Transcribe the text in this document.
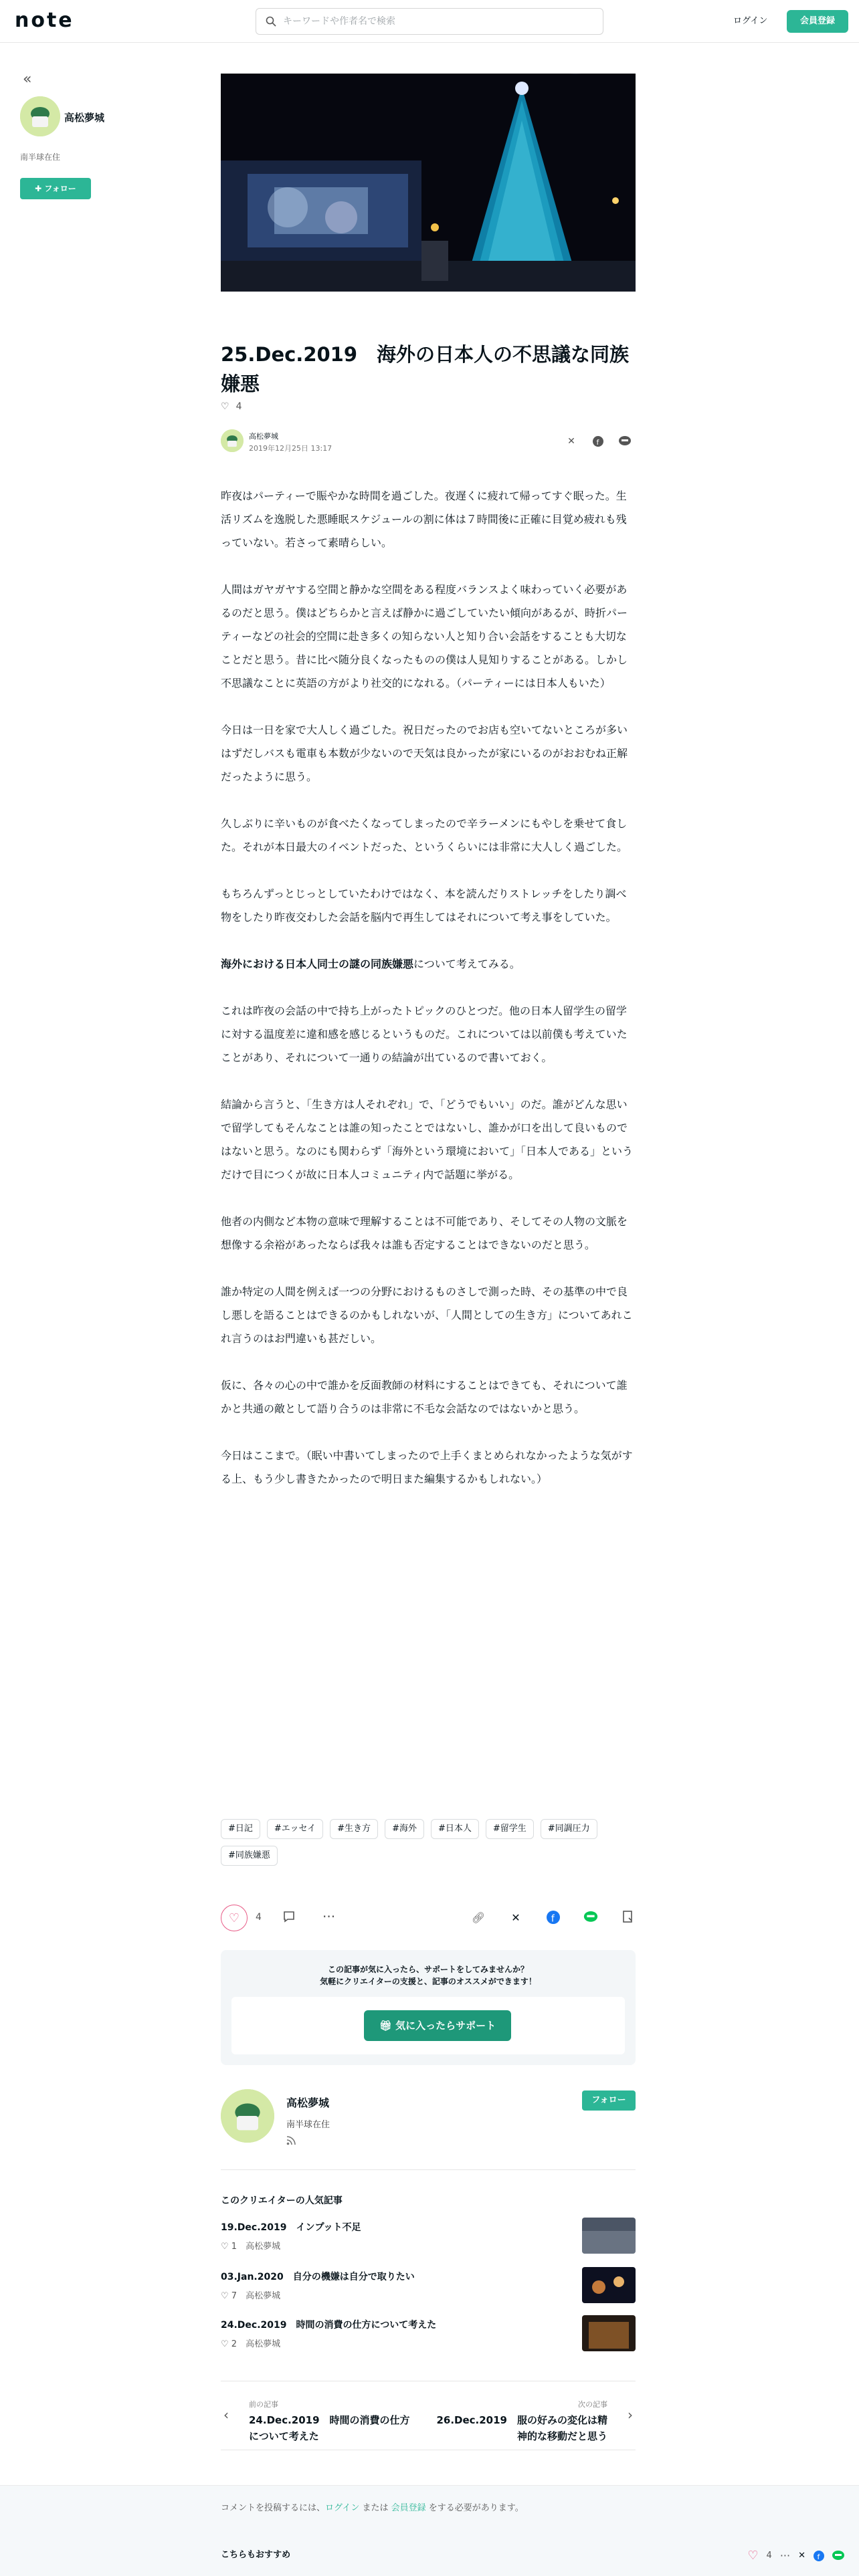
note
キーワードや作者名で検索	ログイン	会員登録
«
高松夢城
南半球在住
✚ フォロー
25.Dec.2019　海外の日本人の不思議な同族嫌悪
♡ 4
高松夢城
2019年12月25日 13:17
✕	f

昨夜はパーティーで賑やかな時間を過ごした。夜遅くに疲れて帰ってすぐ眠った。生活リズムを逸脱した悪睡眠スケジュールの割に体は７時間後に正確に目覚め疲れも残っていない。若さって素晴らしい。

人間はガヤガヤする空間と静かな空間をある程度バランスよく味わっていく必要があるのだと思う。僕はどちらかと言えば静かに過ごしていたい傾向があるが、時折パーティーなどの社会的空間に赴き多くの知らない人と知り合い会話をすることも大切なことだと思う。昔に比べ随分良くなったものの僕は人見知りすることがある。しかし不思議なことに英語の方がより社交的になれる。（パーティーには日本人もいた）

今日は一日を家で大人しく過ごした。祝日だったのでお店も空いてないところが多いはずだしバスも電車も本数が少ないので天気は良かったが家にいるのがおおむね正解だったように思う。

久しぶりに辛いものが食べたくなってしまったので辛ラーメンにもやしを乗せて食した。それが本日最大のイベントだった、というくらいには非常に大人しく過ごした。

もちろんずっとじっとしていたわけではなく、本を読んだりストレッチをしたり調べ物をしたり昨夜交わした会話を脳内で再生してはそれについて考え事をしていた。

海外における日本人同士の謎の同族嫌悪について考えてみる。

これは昨夜の会話の中で持ち上がったトピックのひとつだ。他の日本人留学生の留学に対する温度差に違和感を感じるというものだ。これについては以前僕も考えていたことがあり、それについて一通りの結論が出ているので書いておく。

結論から言うと、「生き方は人それぞれ」で、「どうでもいい」のだ。誰がどんな思いで留学してもそんなことは誰の知ったことではないし、誰かが口を出して良いものではないと思う。なのにも関わらず「海外という環境において」「日本人である」というだけで目につくが故に日本人コミュニティ内で話題に挙がる。

他者の内側など本物の意味で理解することは不可能であり、そしてその人物の文脈を想像する余裕があったならば我々は誰も否定することはできないのだと思う。

誰か特定の人間を例えば一つの分野におけるものさしで測った時、その基準の中で良し悪しを語ることはできるのかもしれないが、「人間としての生き方」についてあれこれ言うのはお門違いも甚だしい。

仮に、各々の心の中で誰かを反面教師の材料にすることはできても、それについて誰かと共通の敵として語り合うのは非常に不毛な会話なのではないかと思う。

今日はここまで。（眠い中書いてしまったので上手くまとめられなかったような気がする上、もう少し書きたかったので明日また編集するかもしれない。）

#日記	#エッセイ	#生き方	#海外	#日本人	#留学生	#同調圧力
#同族嫌悪
♡ 4	···	🔗︎ ✕	f
この記事が気に入ったら、サポートをしてみませんか？
気軽にクリエイターの支援と、記事のオススメができます！
🎁︎ 気に入ったらサポート
高松夢城
南半球在住
フォロー
このクリエイターの人気記事
19.Dec.2019　インプット不足
♡ 1　 高松夢城
03.Jan.2020　自分の機嫌は自分で取りたい
♡ 7　 高松夢城
24.Dec.2019　時間の消費の仕方について考えた
♡ 2　 高松夢城
‹
前の記事
24.Dec.2019　時間の消費の仕方について考えた
次の記事
26.Dec.2019　服の好みの変化は精神的な移動だと思う
›
コメントを投稿するには、ログイン または 会員登録 をする必要があります。
こちらもおすすめ	♡ 4 ··· ✕ f
